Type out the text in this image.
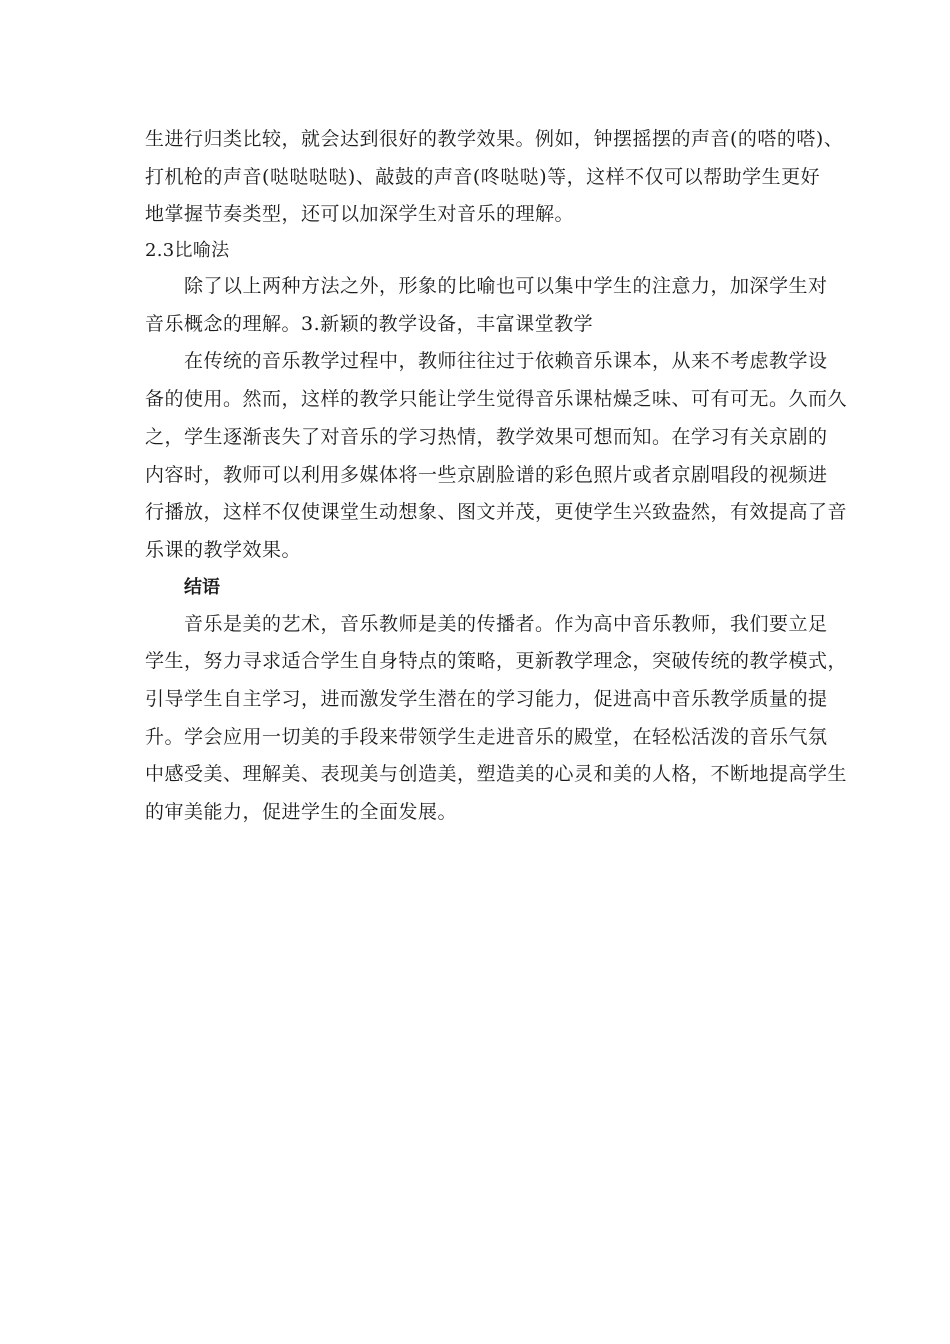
生进行归类比较，就会达到很好的教学效果。例如，钟摆摇摆的声音(的嗒的嗒)、
打机枪的声音(哒哒哒哒)、敲鼓的声音(咚哒哒)等，这样不仅可以帮助学生更好
地掌握节奏类型，还可以加深学生对音乐的理解。
2.3比喻法
除了以上两种方法之外，形象的比喻也可以集中学生的注意力，加深学生对
音乐概念的理解。3.新颖的教学设备，丰富课堂教学
在传统的音乐教学过程中，教师往往过于依赖音乐课本，从来不考虑教学设
备的使用。然而，这样的教学只能让学生觉得音乐课枯燥乏味、可有可无。久而久
之，学生逐渐丧失了对音乐的学习热情，教学效果可想而知。在学习有关京剧的
内容时，教师可以利用多媒体将一些京剧脸谱的彩色照片或者京剧唱段的视频进
行播放，这样不仅使课堂生动想象、图文并茂，更使学生兴致盎然，有效提高了音
乐课的教学效果。
结语
音乐是美的艺术，音乐教师是美的传播者。作为高中音乐教师，我们要立足
学生，努力寻求适合学生自身特点的策略，更新教学理念，突破传统的教学模式，
引导学生自主学习，进而激发学生潜在的学习能力，促进高中音乐教学质量的提
升。学会应用一切美的手段来带领学生走进音乐的殿堂，在轻松活泼的音乐气氛
中感受美、理解美、表现美与创造美，塑造美的心灵和美的人格，不断地提高学生
的审美能力，促进学生的全面发展。
